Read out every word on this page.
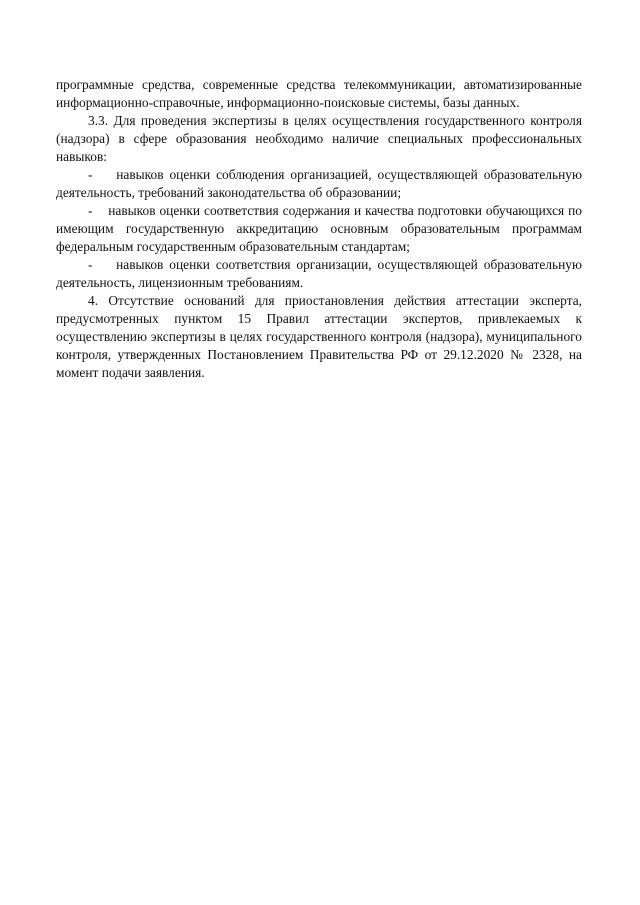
программные средства, современные средства телекоммуникации, автоматизированные информационно-справочные, информационно-поисковые системы, базы данных.

3.3. Для проведения экспертизы в целях осуществления государственного контроля (надзора) в сфере образования необходимо наличие специальных профессиональных навыков:

-    навыков оценки соблюдения организацией, осуществляющей образовательную деятельность, требований законодательства об образовании;

-    навыков оценки соответствия содержания и качества подготовки обучающихся по имеющим государственную аккредитацию основным образовательным программам федеральным государственным образовательным стандартам;

-    навыков оценки соответствия организации, осуществляющей образовательную деятельность, лицензионным требованиям.

4. Отсутствие оснований для приостановления действия аттестации эксперта, предусмотренных пунктом 15 Правил аттестации экспертов, привлекаемых к осуществлению экспертизы в целях государственного контроля (надзора), муниципального контроля, утвержденных Постановлением Правительства РФ от 29.12.2020 № 2328, на момент подачи заявления.
